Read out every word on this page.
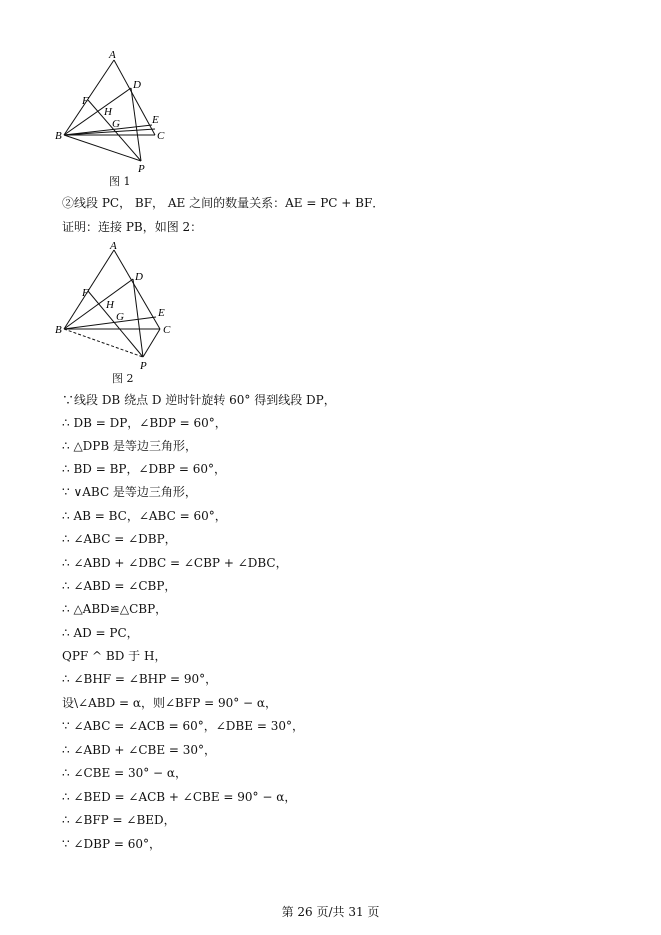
A
B	C
D
E
F
G
H
P
图 1
②线段 PC， BF， AE 之间的数量关系：AE = PC + BF．
证明：连接 PB，如图 2：
A
B	C
D
E
F
G
H
P
图 2
∵线段 DB 绕点 D 逆时针旋转 60° 得到线段 DP，
∴ DB = DP，∠BDP = 60°，
∴ △DPB 是等边三角形，
∴ BD = BP，∠DBP = 60°，
∵ ∨ABC 是等边三角形，
∴ AB = BC，∠ABC = 60°，
∴ ∠ABC = ∠DBP，
∴ ∠ABD + ∠DBC = ∠CBP + ∠DBC，
∴ ∠ABD = ∠CBP，
∴ △ABD≌△CBP，
∴ AD = PC，
QPF ^ BD 于 H，
∴ ∠BHF = ∠BHP = 90°，
设\∠ABD = α，则∠BFP = 90° − α，
∵ ∠ABC = ∠ACB = 60°，∠DBE = 30°，
∴ ∠ABD + ∠CBE = 30°，
∴ ∠CBE = 30° − α，
∴ ∠BED = ∠ACB + ∠CBE = 90° − α，
∴ ∠BFP = ∠BED，
∵ ∠DBP = 60°，
第 26 页/共 31 页
